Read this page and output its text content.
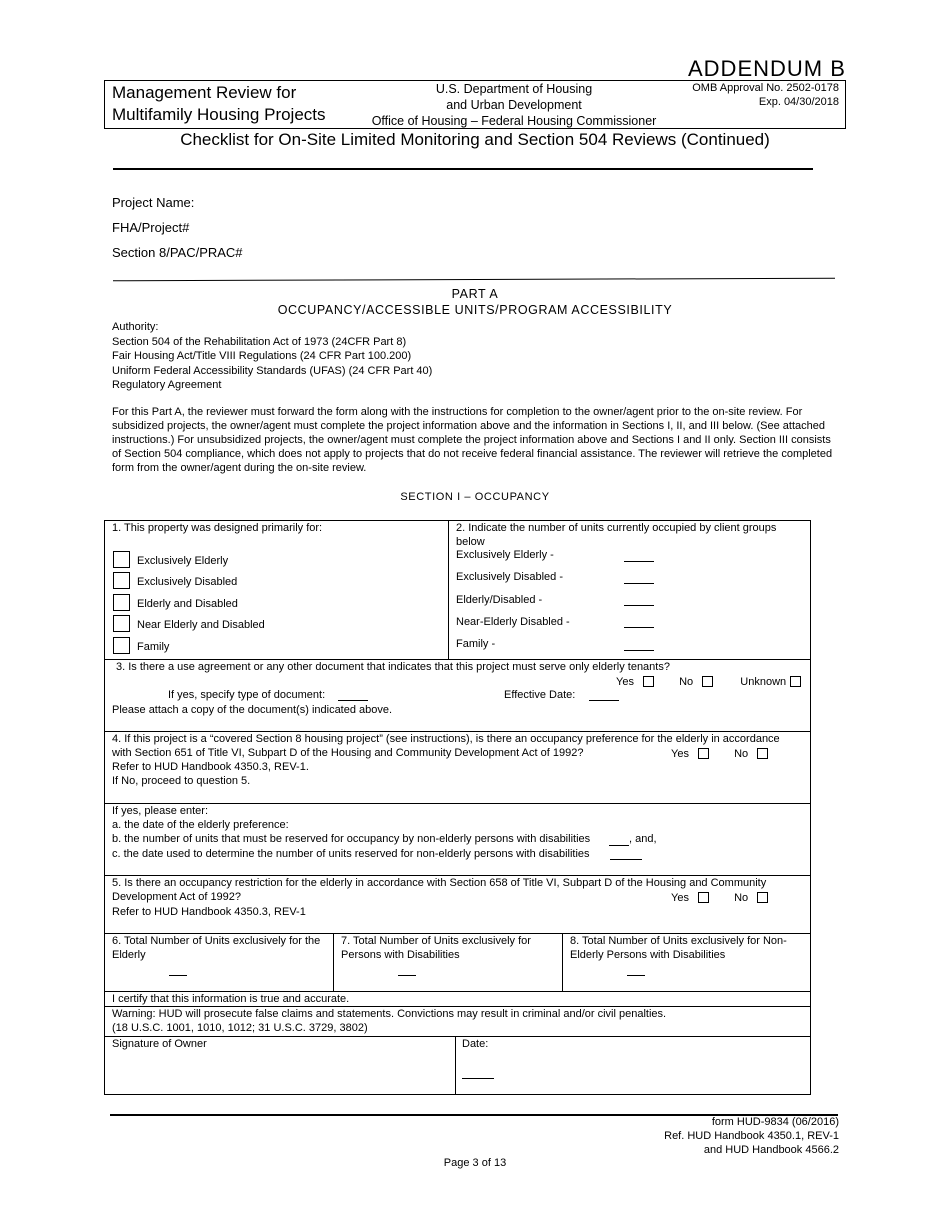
ADDENDUM B
Management Review for
Multifamily Housing Projects
U.S. Department of Housing
and Urban Development
Office of Housing – Federal Housing Commissioner
OMB Approval No. 2502-0178
Exp. 04/30/2018
Checklist for On-Site Limited Monitoring and Section 504 Reviews (Continued)
Project Name:
FHA/Project#
Section 8/PAC/PRAC#
PART A
OCCUPANCY/ACCESSIBLE UNITS/PROGRAM ACCESSIBILITY
Authority:
Section 504 of the Rehabilitation Act of 1973 (24CFR Part 8)
Fair Housing Act/Title VIII Regulations (24 CFR Part 100.200)
Uniform Federal Accessibility Standards (UFAS) (24 CFR Part 40)
Regulatory Agreement
For this Part A, the reviewer must forward the form along with the instructions for completion to the owner/agent prior to the on-site review. For subsidized projects, the owner/agent must complete the project information above and the information in Sections I, II, and III below. (See attached instructions.) For unsubsidized projects, the owner/agent must complete the project information above and Sections I and II only. Section III consists of Section 504 compliance, which does not apply to projects that do not receive federal financial assistance. The reviewer will retrieve the completed form from the owner/agent during the on-site review.
SECTION I – OCCUPANCY
1. This property was designed primarily for:
Exclusively Elderly
Exclusively Disabled
Elderly and Disabled
Near Elderly and Disabled
Family
2. Indicate the number of units currently occupied by client groups below
Exclusively Elderly -
Exclusively Disabled -
Elderly/Disabled -
Near-Elderly Disabled -
Family -
3. Is there a use agreement or any other document that indicates that this project must serve only elderly tenants?
Yes	No	Unknown
If yes, specify type of document:	Effective Date:
Please attach a copy of the document(s) indicated above.
4. If this project is a “covered Section 8 housing project” (see instructions), is there an occupancy preference for the elderly in accordance
with Section 651 of Title VI, Subpart D of the Housing and Community Development Act of 1992?	Yes	No
Refer to HUD Handbook 4350.3, REV-1.
If No, proceed to question 5.
If yes, please enter:
a. the date of the elderly preference:
b. the number of units that must be reserved for occupancy by non-elderly persons with disabilities	, and,
c. the date used to determine the number of units reserved for non-elderly persons with disabilities
5. Is there an occupancy restriction for the elderly in accordance with Section 658 of Title VI, Subpart D of the Housing and Community
Development Act of 1992?	Yes	No
Refer to HUD Handbook 4350.3, REV-1
6. Total Number of Units exclusively for the Elderly
7. Total Number of Units exclusively for Persons with Disabilities
8. Total Number of Units exclusively for Non-Elderly Persons with Disabilities
I certify that this information is true and accurate.
Warning: HUD will prosecute false claims and statements. Convictions may result in criminal and/or civil penalties.
(18 U.S.C. 1001, 1010, 1012; 31 U.S.C. 3729, 3802)
Signature of Owner	Date:
form HUD-9834 (06/2016)
Ref. HUD Handbook 4350.1, REV-1
and HUD Handbook 4566.2
Page 3 of 13
